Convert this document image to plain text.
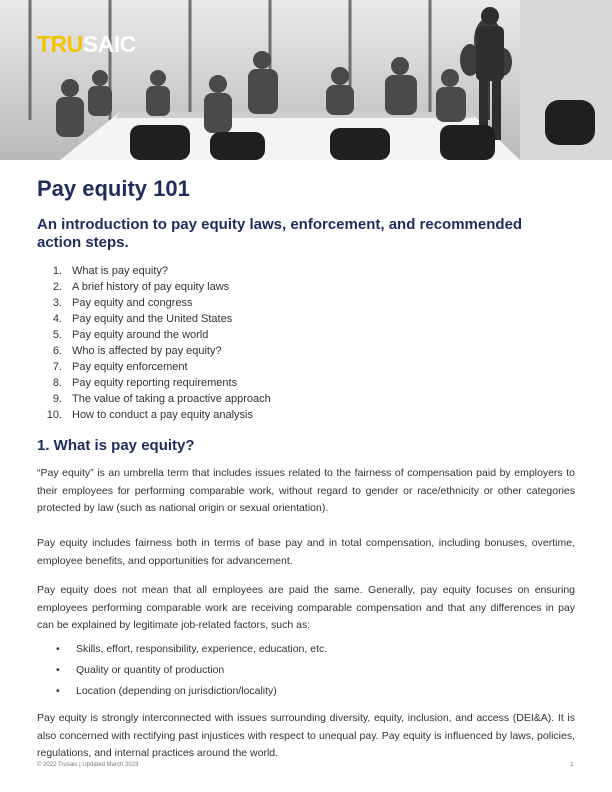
TRUSAIC
Pay equity 101
An introduction to pay equity laws, enforcement, and recommended action steps.
1. What is pay equity?
2. A brief history of pay equity laws
3. Pay equity and congress
4. Pay equity and the United States
5. Pay equity around the world
6. Who is affected by pay equity?
7. Pay equity enforcement
8. Pay equity reporting requirements
9. The value of taking a proactive approach
10. How to conduct a pay equity analysis
1. What is pay equity?

“Pay equity” is an umbrella term that includes issues related to the fairness of compensation paid by employers to their employees for performing comparable work, without regard to gender or race/ethnicity or other categories protected by law (such as national origin or sexual orientation).

Pay equity includes fairness both in terms of base pay and in total compensation, including bonuses, overtime, employee benefits, and opportunities for advancement.

Pay equity does not mean that all employees are paid the same. Generally, pay equity focuses on ensuring employees performing comparable work are receiving comparable compensation and that any differences in pay can be explained by legitimate job-related factors, such as:

•	Skills, effort, responsibility, experience, education, etc.
•	Quality or quantity of production
•	Location (depending on jurisdiction/locality)

Pay equity is strongly interconnected with issues surrounding diversity, equity, inclusion, and access (DEI&A). It is also concerned with rectifying past injustices with respect to unequal pay. Pay equity is influenced by laws, policies, regulations, and internal practices around the world.

© 2022 Trusaic | Updated March 2023	1
